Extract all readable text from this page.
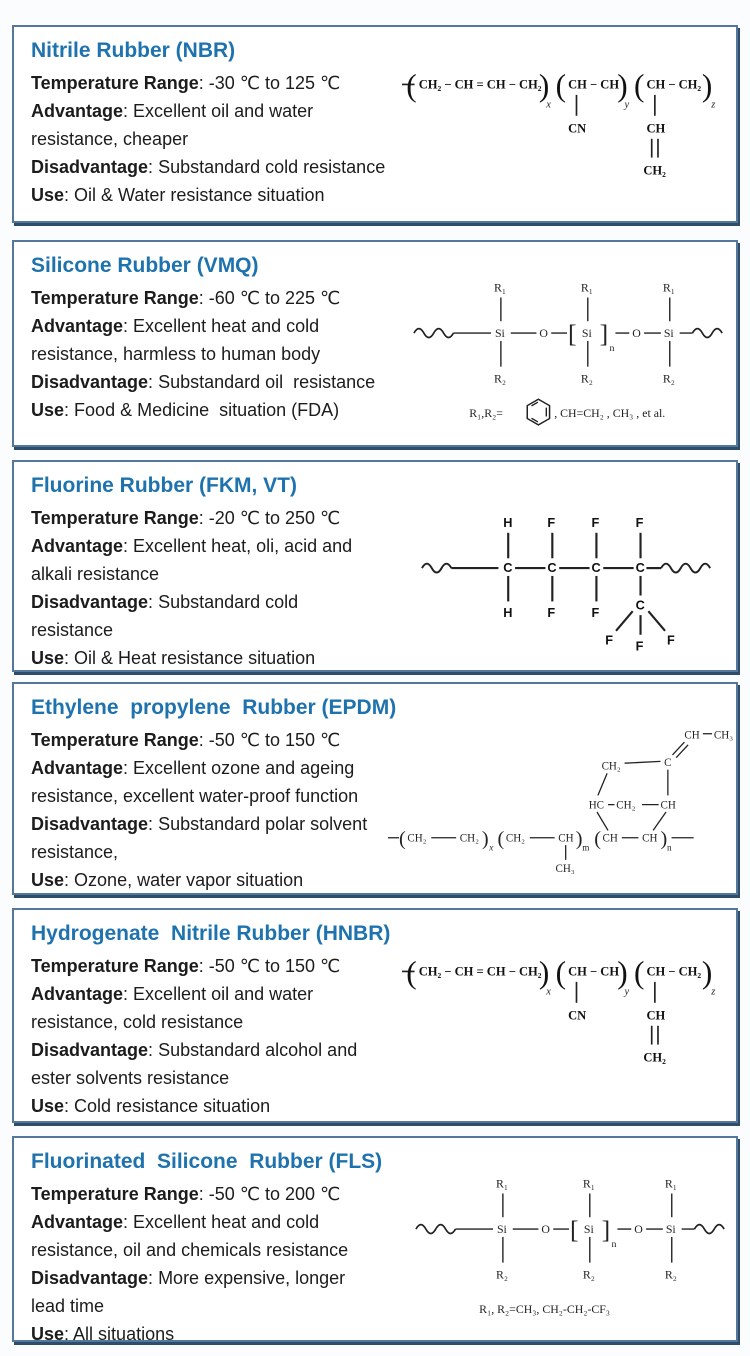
Nitrile Rubber (NBR)

Temperature Range: -30 ℃ to 125 ℃

Advantage: Excellent oil and water resistance, cheaper

Disadvantage: Substandard cold resistance

Use: Oil & Water resistance situation

( CH₂ − CH = CH − CH₂
)
x
( CH − CH
)
y
( CH − CH₂ )
z
CN	CH
CH₂
Silicone Rubber (VMQ)

Temperature Range: -60 ℃ to 225 ℃

Advantage: Excellent heat and cold resistance, harmless to human body

Disadvantage: Substandard oil  resistance

Use: Food & Medicine  situation (FDA)

Si
R₁
R₂
O [ Si
R₁
R₂
]
n
O Si
R₁
R₂
R₁,R₂=	, CH=CH₂ , CH₃ , et al.
Fluorine Rubber (FKM, VT)

Temperature Range: -20 ℃ to 250 ℃

Advantage: Excellent heat, oli, acid and alkali resistance

Disadvantage: Substandard cold resistance

Use: Oil & Heat resistance situation

C
H
H
C
F
F
C
F
F
C
F
C
F F F
Ethylene  propylene  Rubber (EPDM)

Temperature Range: -50 ℃ to 150 ℃

Advantage: Excellent ozone and ageing resistance, excellent water-proof function

Disadvantage: Substandard polar solvent resistance,

Use: Ozone, water vapor situation

( CH₂	CH₂ ) x ( CH₂	CH ) m
CH₃
( CH CH ) n
HC CH₂ CH
CH₂	C
CH CH₃
Hydrogenate  Nitrile Rubber (HNBR)

Temperature Range: -50 ℃ to 150 ℃

Advantage: Excellent oil and water resistance, cold resistance

Disadvantage: Substandard alcohol and ester solvents resistance

Use: Cold resistance situation

( CH₂ − CH = CH − CH₂
)
x
( CH − CH
)
y
( CH − CH₂ )
z
CN	CH
CH₂
Fluorinated  Silicone  Rubber (FLS)

Temperature Range: -50 ℃ to 200 ℃

Advantage: Excellent heat and cold resistance, oil and chemicals resistance

Disadvantage: More expensive, longer lead time

Use: All situations

Si
R₁
R₂
O [ Si
R₁
R₂
]
n
O Si
R₁
R₂
R₁, R₂=CH₃, CH₂-CH₂-CF₃
